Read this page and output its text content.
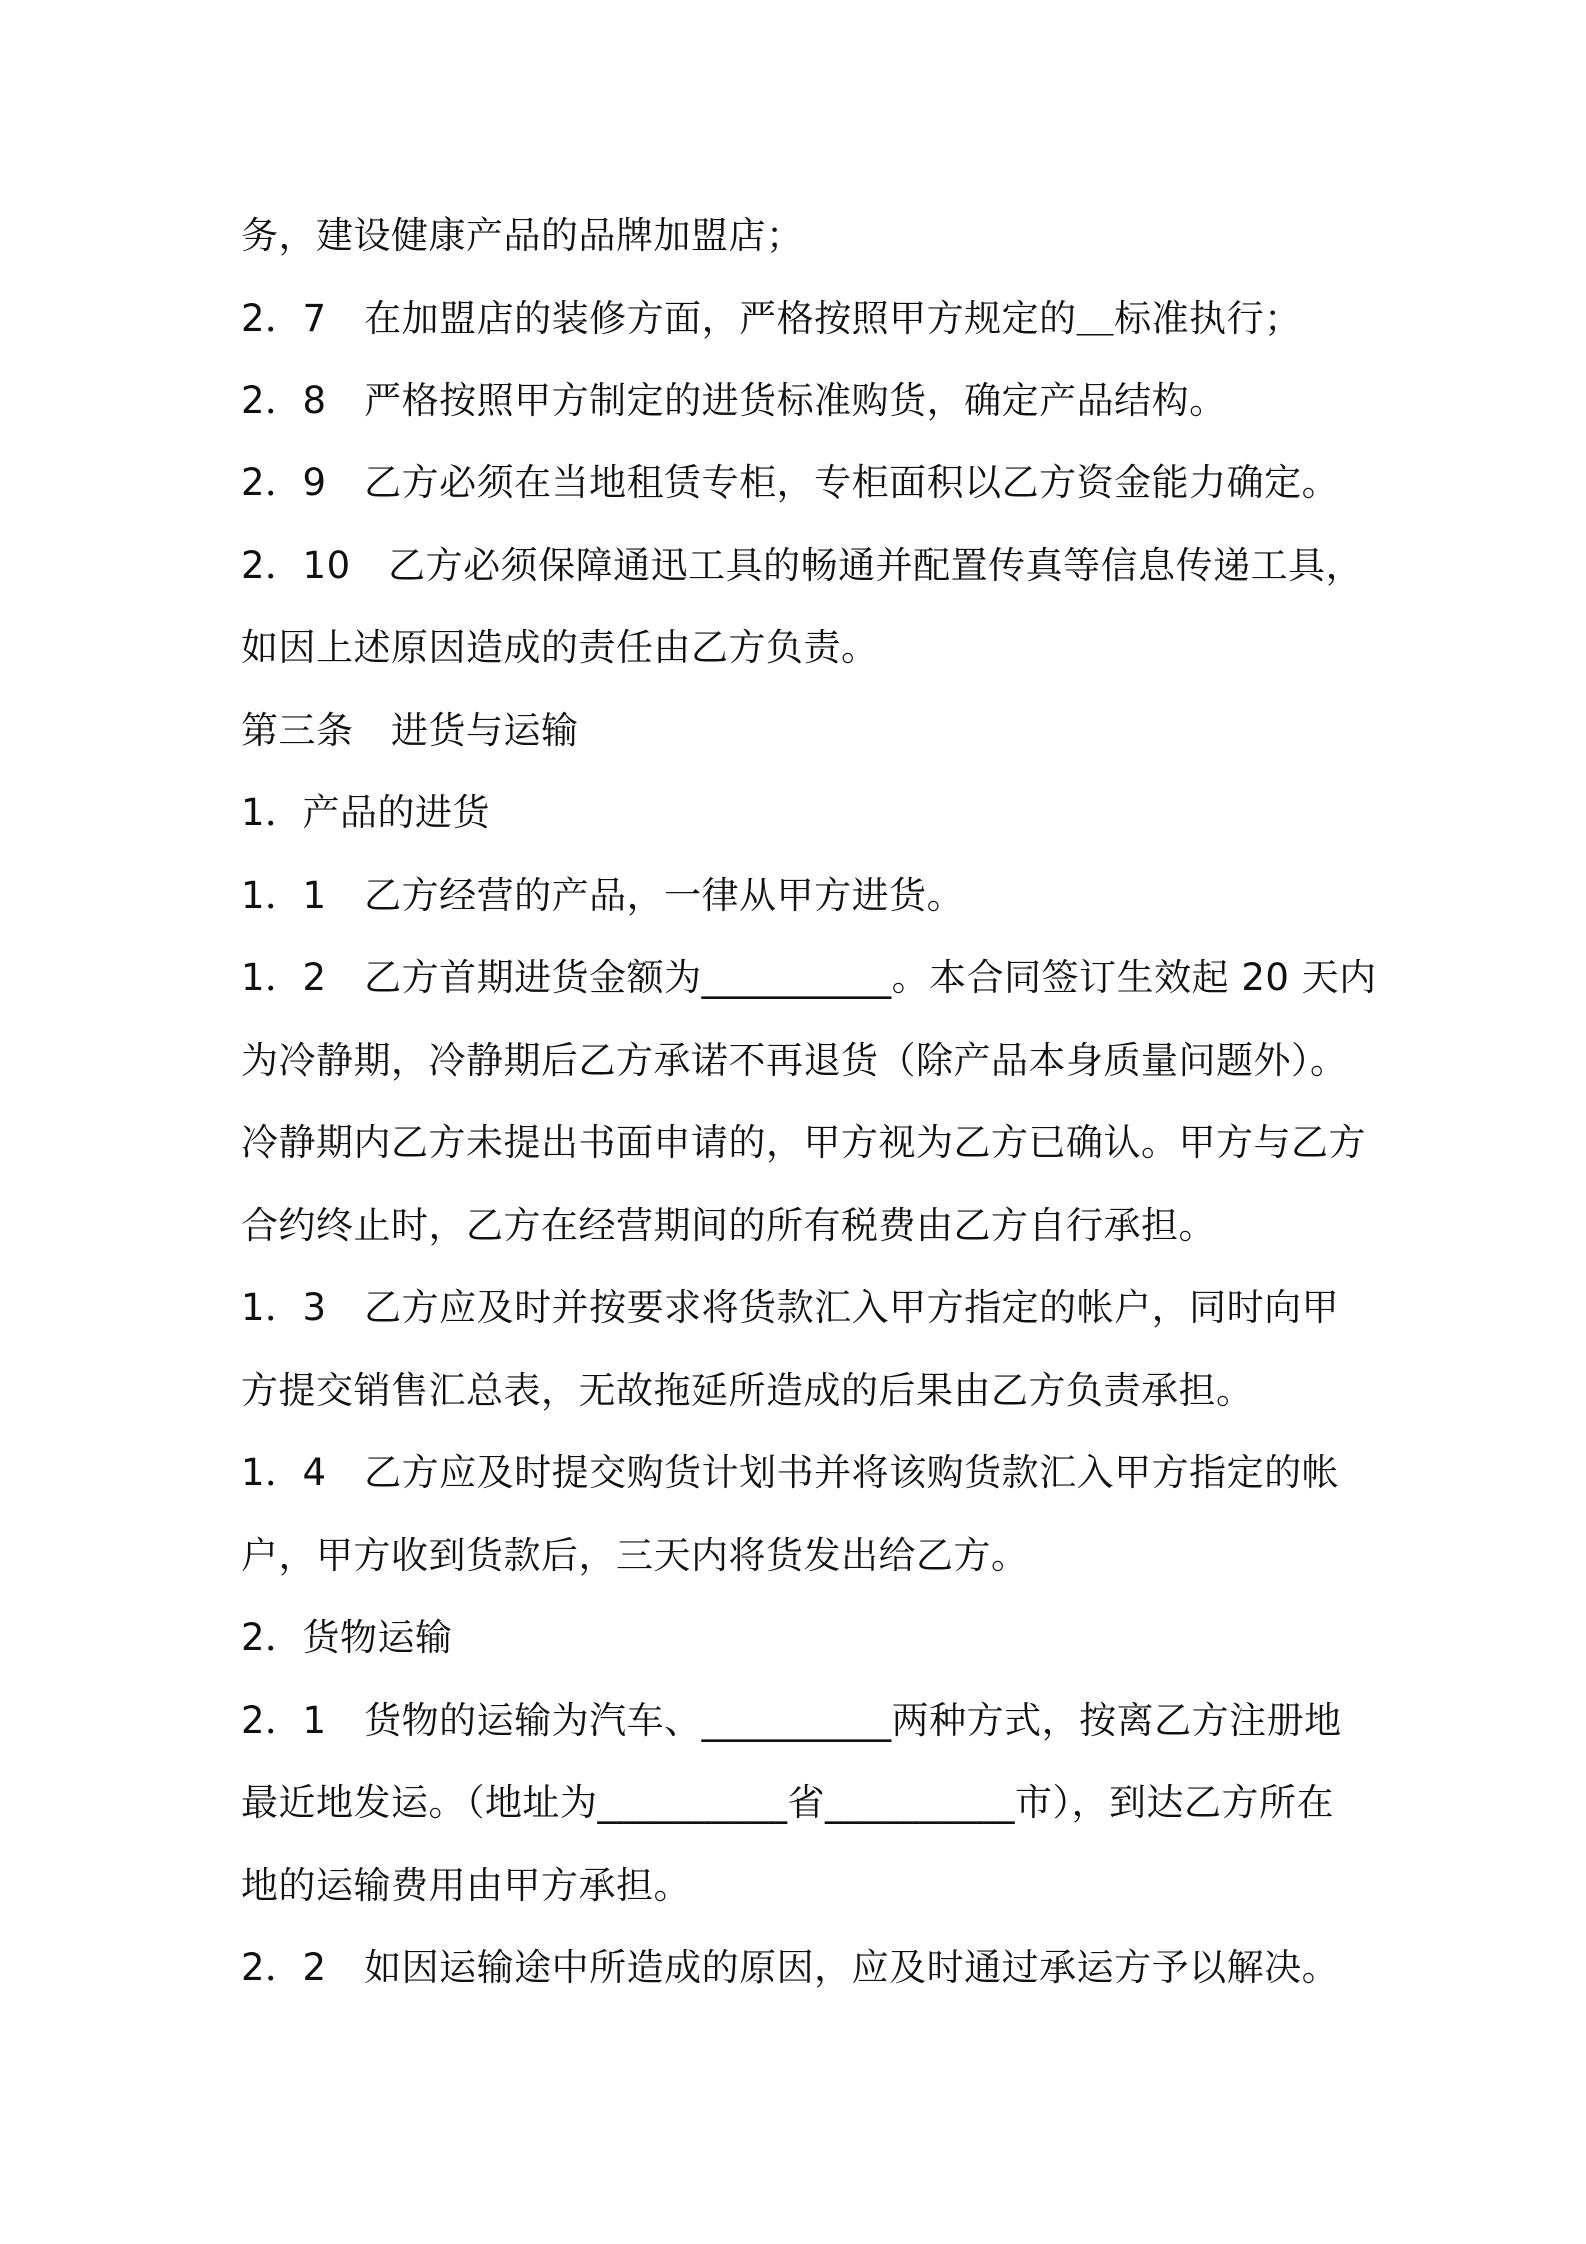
务，建设健康产品的品牌加盟店；
2．7　在加盟店的装修方面，严格按照甲方规定的＿标准执行；
2．8　严格按照甲方制定的进货标准购货，确定产品结构。
2．9　乙方必须在当地租赁专柜，专柜面积以乙方资金能力确定。
2．10　乙方必须保障通迅工具的畅通并配置传真等信息传递工具，
如因上述原因造成的责任由乙方负责。
第三条　进货与运输
1．产品的进货
1．1　乙方经营的产品，一律从甲方进货。
1．2　乙方首期进货金额为__________。本合同签订生效起 20 天内
为冷静期，冷静期后乙方承诺不再退货（除产品本身质量问题外）。
冷静期内乙方未提出书面申请的，甲方视为乙方已确认。甲方与乙方
合约终止时，乙方在经营期间的所有税费由乙方自行承担。
1．3　乙方应及时并按要求将货款汇入甲方指定的帐户，同时向甲
方提交销售汇总表，无故拖延所造成的后果由乙方负责承担。
1．4　乙方应及时提交购货计划书并将该购货款汇入甲方指定的帐
户，甲方收到货款后，三天内将货发出给乙方。
2．货物运输
2．1　货物的运输为汽车、__________两种方式，按离乙方注册地
最近地发运。（地址为__________省__________市），到达乙方所在
地的运输费用由甲方承担。
2．2　如因运输途中所造成的原因，应及时通过承运方予以解决。
